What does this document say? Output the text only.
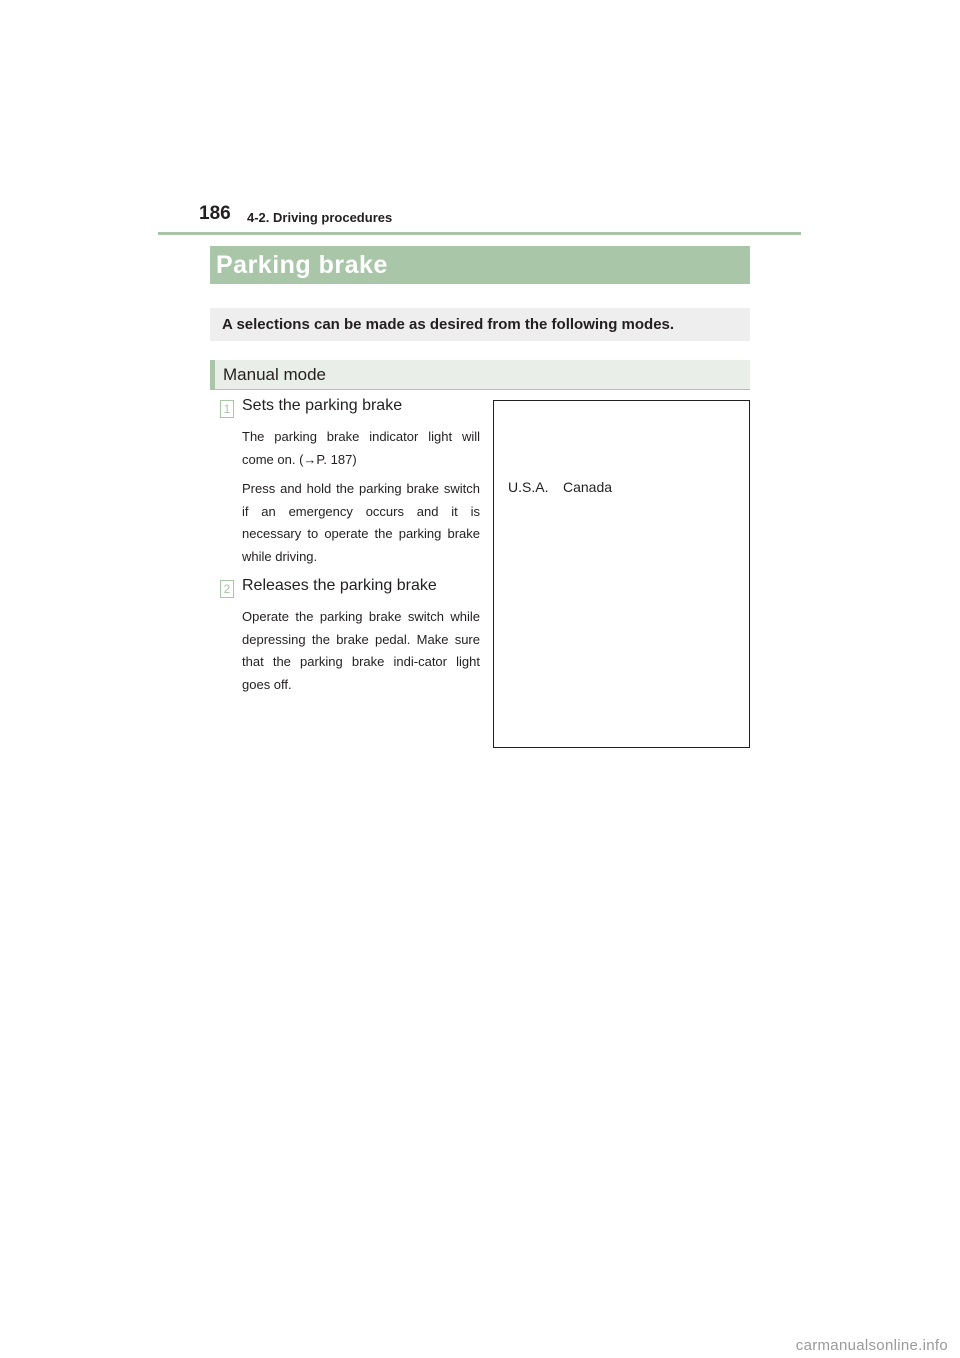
186 4-2. Driving procedures
Parking brake
A selections can be made as desired from the following modes.
Manual mode
1 Sets the parking brake
The parking brake indicator light will come on. (→P. 187)
Press and hold the parking brake switch if an emergency occurs and it is necessary to operate the parking brake while driving.
2 Releases the parking brake
Operate the parking brake switch while depressing the brake pedal. Make sure that the parking brake indi-cator light goes off.
U.S.A. Canada
carmanualsonline.info
